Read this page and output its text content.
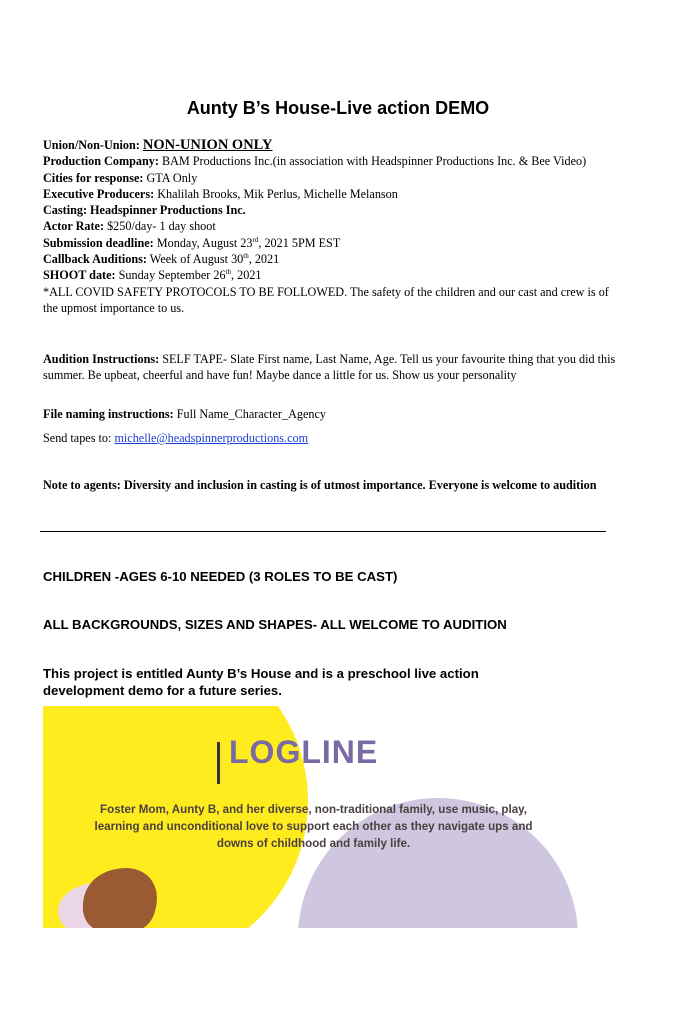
Aunty B’s House-Live action DEMO

Union/Non-Union: NON-UNION ONLY

Production Company: BAM Productions Inc.(in association with Headspinner Productions Inc. & Bee Video)

Cities for response: GTA Only

Executive Producers: Khalilah Brooks, Mik Perlus, Michelle Melanson

Casting: Headspinner Productions Inc.

Actor Rate: $250/day- 1 day shoot

Submission deadline: Monday, August 23rd, 2021 5PM EST

Callback Auditions: Week of August 30th, 2021

SHOOT date: Sunday September 26th, 2021

*ALL COVID SAFETY PROTOCOLS TO BE FOLLOWED. The safety of the children and our cast and crew is of the upmost importance to us.

Audition Instructions: SELF TAPE- Slate First name, Last Name, Age. Tell us your favourite thing that you did this summer. Be upbeat, cheerful and have fun! Maybe dance a little for us. Show us your personality

File naming instructions: Full Name_Character_Agency

Send tapes to: michelle@headspinnerproductions.com

Note to agents: Diversity and inclusion in casting is of utmost importance. Everyone is welcome to audition

CHILDREN -AGES 6-10 NEEDED (3 ROLES TO BE CAST)

ALL BACKGROUNDS, SIZES AND SHAPES- ALL WELCOME TO AUDITION

This project is entitled Aunty B’s House and is a preschool live action development demo for a future series.

LOGLINE

Foster Mom, Aunty B, and her diverse, non-traditional family, use music, play, learning and unconditional love to support each other as they navigate ups and downs of childhood and family life.
